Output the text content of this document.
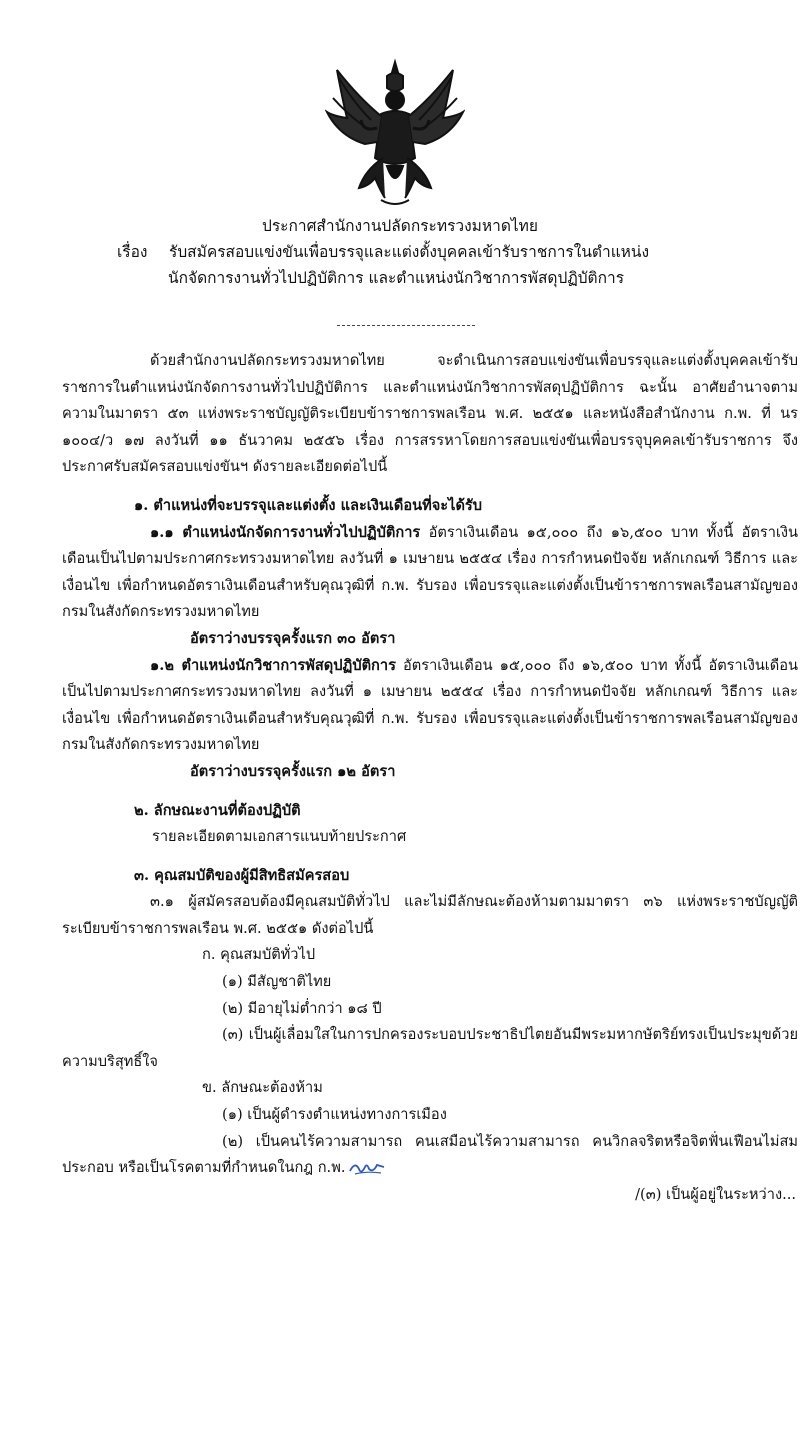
ประกาศสำนักงานปลัดกระทรวงมหาดไทย
เรื่อง รับสมัครสอบแข่งขันเพื่อบรรจุและแต่งตั้งบุคคลเข้ารับราชการในตำแหน่ง
นักจัดการงานทั่วไปปฏิบัติการ และตำแหน่งนักวิชาการพัสดุปฏิบัติการ

ด้วยสำนักงานปลัดกระทรวงมหาดไทย จะดำเนินการสอบแข่งขันเพื่อบรรจุและแต่งตั้งบุคคลเข้ารับราชการในตำแหน่งนักจัดการงานทั่วไปปฏิบัติการ และตำแหน่งนักวิชาการพัสดุปฏิบัติการ ฉะนั้น อาศัยอำนาจตามความในมาตรา ๕๓ แห่งพระราชบัญญัติระเบียบข้าราชการพลเรือน พ.ศ. ๒๕๕๑ และหนังสือสำนักงาน ก.พ. ที่ นร ๑๐๐๔/ว ๑๗ ลงวันที่ ๑๑ ธันวาคม ๒๕๕๖ เรื่อง การสรรหาโดยการสอบแข่งขันเพื่อบรรจุบุคคลเข้ารับราชการ จึงประกาศรับสมัครสอบแข่งขันฯ ดังรายละเอียดต่อไปนี้

๑. ตำแหน่งที่จะบรรจุและแต่งตั้ง และเงินเดือนที่จะได้รับ

๑.๑ ตำแหน่งนักจัดการงานทั่วไปปฏิบัติการ อัตราเงินเดือน ๑๕,๐๐๐ ถึง ๑๖,๕๐๐ บาท ทั้งนี้ อัตราเงินเดือนเป็นไปตามประกาศกระทรวงมหาดไทย ลงวันที่ ๑ เมษายน ๒๕๕๔ เรื่อง การกำหนดปัจจัย หลักเกณฑ์ วิธีการ และเงื่อนไข เพื่อกำหนดอัตราเงินเดือนสำหรับคุณวุฒิที่ ก.พ. รับรอง เพื่อบรรจุและแต่งตั้งเป็นข้าราชการพลเรือนสามัญของกรมในสังกัดกระทรวงมหาดไทย

อัตราว่างบรรจุครั้งแรก ๓๐ อัตรา

๑.๒ ตำแหน่งนักวิชาการพัสดุปฏิบัติการ อัตราเงินเดือน ๑๕,๐๐๐ ถึง ๑๖,๕๐๐ บาท ทั้งนี้ อัตราเงินเดือนเป็นไปตามประกาศกระทรวงมหาดไทย ลงวันที่ ๑ เมษายน ๒๕๕๔ เรื่อง การกำหนดปัจจัย หลักเกณฑ์ วิธีการ และเงื่อนไข เพื่อกำหนดอัตราเงินเดือนสำหรับคุณวุฒิที่ ก.พ. รับรอง เพื่อบรรจุและแต่งตั้งเป็นข้าราชการพลเรือนสามัญของกรมในสังกัดกระทรวงมหาดไทย

อัตราว่างบรรจุครั้งแรก ๑๒ อัตรา

๒. ลักษณะงานที่ต้องปฏิบัติ

รายละเอียดตามเอกสารแนบท้ายประกาศ

๓. คุณสมบัติของผู้มีสิทธิสมัครสอบ

๓.๑ ผู้สมัครสอบต้องมีคุณสมบัติทั่วไป และไม่มีลักษณะต้องห้ามตามมาตรา ๓๖ แห่งพระราชบัญญัติระเบียบข้าราชการพลเรือน พ.ศ. ๒๕๕๑ ดังต่อไปนี้

ก. คุณสมบัติทั่วไป

(๑) มีสัญชาติไทย

(๒) มีอายุไม่ต่ำกว่า ๑๘ ปี

(๓) เป็นผู้เลื่อมใสในการปกครองระบอบประชาธิปไตยอันมีพระมหากษัตริย์ทรงเป็นประมุขด้วยความบริสุทธิ์ใจ

ข. ลักษณะต้องห้าม

(๑) เป็นผู้ดำรงตำแหน่งทางการเมือง

(๒) เป็นคนไร้ความสามารถ คนเสมือนไร้ความสามารถ คนวิกลจริตหรือจิตฟั่นเฟือนไม่สมประกอบ หรือเป็นโรคตามที่กำหนดในกฎ ก.พ.

/(๓) เป็นผู้อยู่ในระหว่าง...
